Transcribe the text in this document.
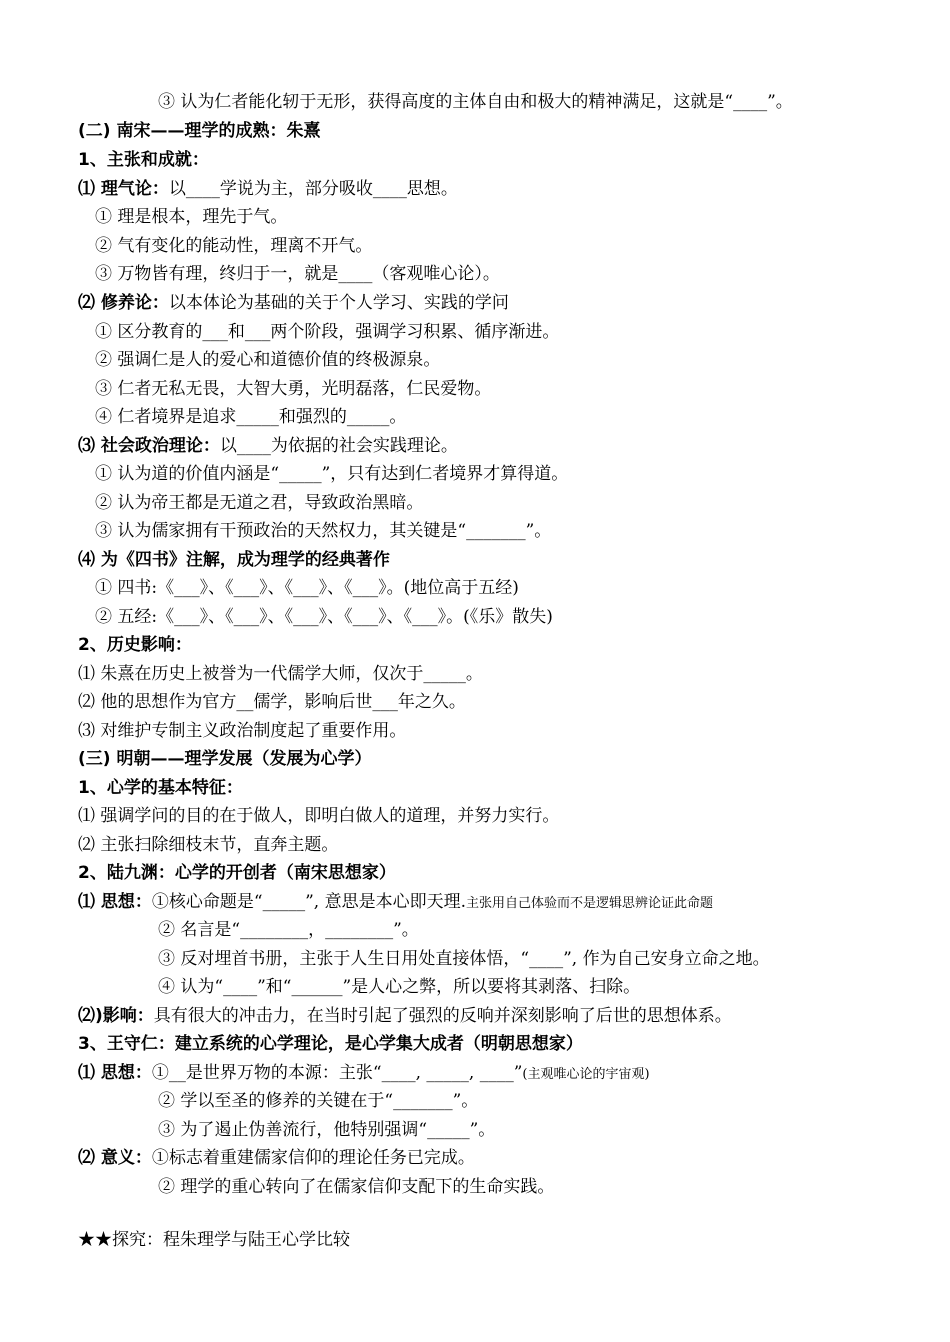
③ 认为仁者能化轫于无形，获得高度的主体自由和极大的精神满足，这就是“____”。
(二) 南宋——理学的成熟：朱熹
1、主张和成就：
⑴ 理气论：以____学说为主，部分吸收____思想。
① 理是根本，理先于气。
② 气有变化的能动性，理离不开气。
③ 万物皆有理，终归于一，就是____（客观唯心论）。
⑵ 修养论：以本体论为基础的关于个人学习、实践的学问
① 区分教育的___和___两个阶段，强调学习积累、循序渐进。
② 强调仁是人的爱心和道德价值的终极源泉。
③ 仁者无私无畏，大智大勇，光明磊落，仁民爱物。
④ 仁者境界是追求_____和强烈的_____。
⑶ 社会政治理论：以____为依据的社会实践理论。
① 认为道的价值内涵是“_____”，只有达到仁者境界才算得道。
② 认为帝王都是无道之君，导致政治黑暗。
③ 认为儒家拥有干预政治的天然权力，其关键是“_______”。
⑷ 为《四书》注解，成为理学的经典著作
① 四书:《___》、《___》、《___》、《___》。(地位高于五经)
② 五经:《___》、《___》、《___》、《___》、《___》。(《乐》散失)
2、历史影响：
⑴ 朱熹在历史上被誉为一代儒学大师，仅次于_____。
⑵ 他的思想作为官方__儒学，影响后世___年之久。
⑶ 对维护专制主义政治制度起了重要作用。
(三) 明朝——理学发展（发展为心学）
1、心学的基本特征：
⑴ 强调学问的目的在于做人，即明白做人的道理，并努力实行。
⑵ 主张扫除细枝末节，直奔主题。
2、陆九渊：心学的开创者（南宋思想家）
⑴ 思想：①核心命题是“_____”, 意思是本心即天理.主张用自己体验而不是逻辑思辨论证此命题
② 名言是“________，________”。
③ 反对埋首书册，主张于人生日用处直接体悟，“____”, 作为自己安身立命之地。
④ 认为“____”和“______”是人心之弊，所以要将其剥落、扫除。
⑵)影响：具有很大的冲击力，在当时引起了强烈的反响并深刻影响了后世的思想体系。
3、王守仁：建立系统的心学理论，是心学集大成者（明朝思想家）
⑴ 思想：①__是世界万物的本源：主张“____, _____, ____”(主观唯心论的宇宙观)
② 学以至圣的修养的关键在于“_______”。
③ 为了遏止伪善流行，他特别强调“_____”。
⑵ 意义：①标志着重建儒家信仰的理论任务已完成。
② 理学的重心转向了在儒家信仰支配下的生命实践。
★★探究：程朱理学与陆王心学比较
